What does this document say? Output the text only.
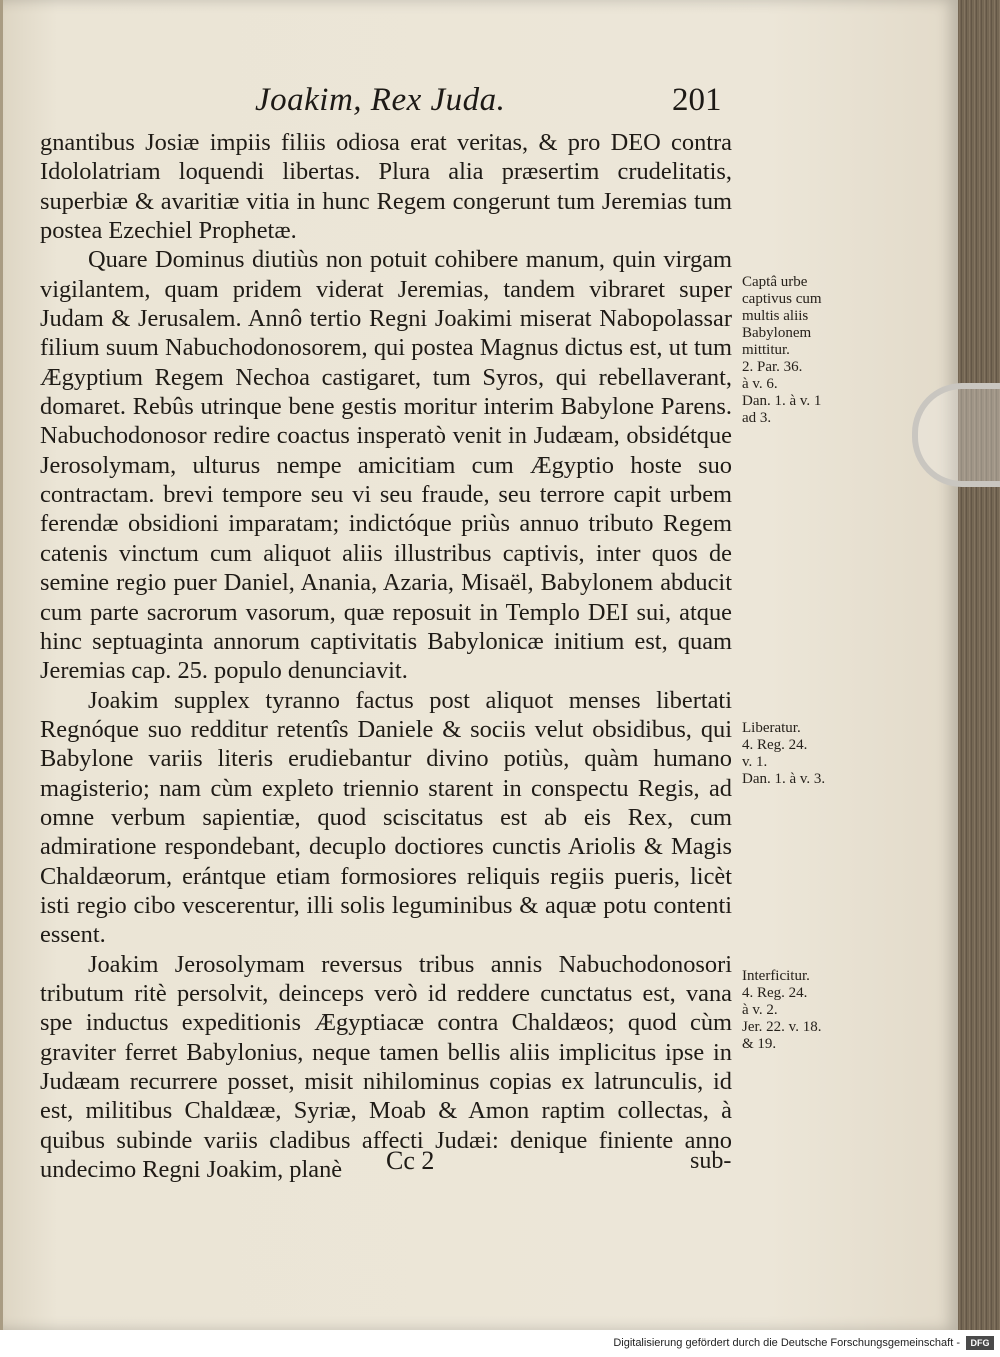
Joakim, Rex Juda.	201

gnantibus Josiæ impiis filiis odiosa erat veritas, & pro DEO contra Idololatriam loquendi libertas. Plura alia præsertim crudelitatis, superbiæ & avaritiæ vitia in hunc Regem congerunt tum Jeremias tum postea Ezechiel Prophetæ.

Quare Dominus diutiùs non potuit cohibere manum, quin virgam vigilantem, quam pridem viderat Jeremias, tandem vibraret super Judam & Jerusalem. Annô tertio Regni Joakimi miserat Nabopolassar filium suum Nabuchodonosorem, qui postea Magnus dictus est, ut tum Ægyptium Regem Nechoa castigaret, tum Syros, qui rebellaverant, domaret. Rebûs utrinque bene gestis moritur interim Babylone Parens. Nabuchodonosor redire coactus insperatò venit in Judæam, obsidétque Jerosolymam, ulturus nempe amicitiam cum Ægyptio hoste suo contractam. brevi tempore seu vi seu fraude, seu terrore capit urbem ferendæ obsidioni imparatam; indictóque priùs annuo tributo Regem catenis vinctum cum aliquot aliis illustribus captivis, inter quos de semine regio puer Daniel, Anania, Azaria, Misaël, Babylonem abducit cum parte sacrorum vasorum, quæ reposuit in Templo DEI sui, atque hinc septuaginta annorum captivitatis Babylonicæ initium est, quam Jeremias cap. 25. populo denunciavit.

Joakim supplex tyranno factus post aliquot menses libertati Regnóque suo redditur retentîs Daniele & sociis velut obsidibus, qui Babylone variis literis erudiebantur divino potiùs, quàm humano magisterio; nam cùm expleto triennio starent in conspectu Regis, ad omne verbum sapientiæ, quod sciscitatus est ab eis Rex, cum admiratione respondebant, decuplo doctiores cunctis Ariolis & Magis Chaldæorum, erántque etiam formosiores reliquis regiis pueris, licèt isti regio cibo vescerentur, illi solis leguminibus & aquæ potu contenti essent.

Joakim Jerosolymam reversus tribus annis Nabuchodonosori tributum ritè persolvit, deinceps verò id reddere cunctatus est, vana spe inductus expeditionis Ægyptiacæ contra Chaldæos; quod cùm graviter ferret Babylonius, neque tamen bellis aliis implicitus ipse in Judæam recurrere posset, misit nihilominus copias ex latrunculis, id est, militibus Chaldææ, Syriæ, Moab & Amon raptim collectas, à quibus subinde variis cladibus affecti Judæi: denique finiente anno undecimo Regni Joakim, planè

Captâ urbe
captivus cum
multis aliis
Babylonem
mittitur.
2. Par. 36.
à v. 6.
Dan. 1. à v. 1
ad 3.
Liberatur.
4. Reg. 24.
v. 1.
Dan. 1. à v. 3.
Interficitur.
4. Reg. 24.
à v. 2.
Jer. 22. v. 18.
& 19.
Cc 2	sub-
Digitalisierung gefördert durch die Deutsche Forschungsgemeinschaft -	DFG
